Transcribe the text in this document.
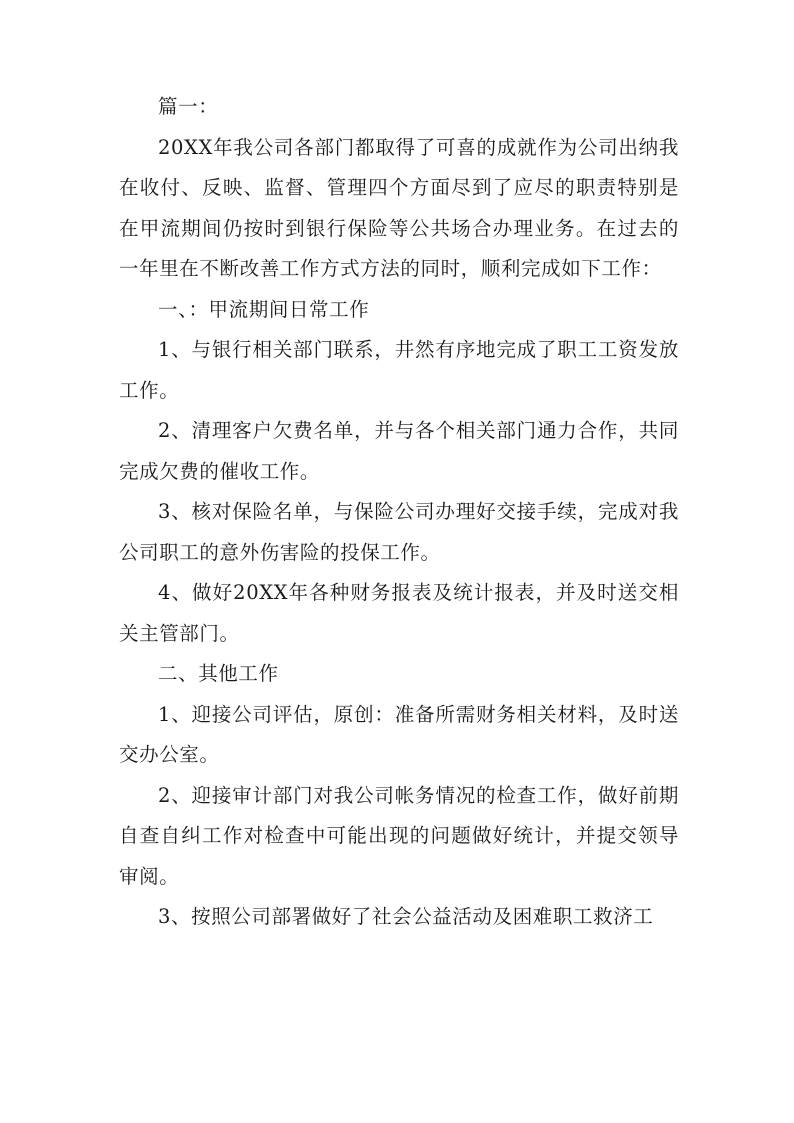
篇一：

20XX年我公司各部门都取得了可喜的成就作为公司出纳我在收付、反映、监督、管理四个方面尽到了应尽的职责特别是在甲流期间仍按时到银行保险等公共场合办理业务。在过去的一年里在不断改善工作方式方法的同时，顺利完成如下工作：

一、：甲流期间日常工作

1、与银行相关部门联系，井然有序地完成了职工工资发放工作。

2、清理客户欠费名单，并与各个相关部门通力合作，共同完成欠费的催收工作。

3、核对保险名单，与保险公司办理好交接手续，完成对我公司职工的意外伤害险的投保工作。

4、做好20XX年各种财务报表及统计报表，并及时送交相关主管部门。

二、其他工作

1、迎接公司评估，原创：准备所需财务相关材料，及时送交办公室。

2、迎接审计部门对我公司帐务情况的检查工作，做好前期自查自纠工作对检查中可能出现的问题做好统计，并提交领导审阅。

3、按照公司部署做好了社会公益活动及困难职工救济工
